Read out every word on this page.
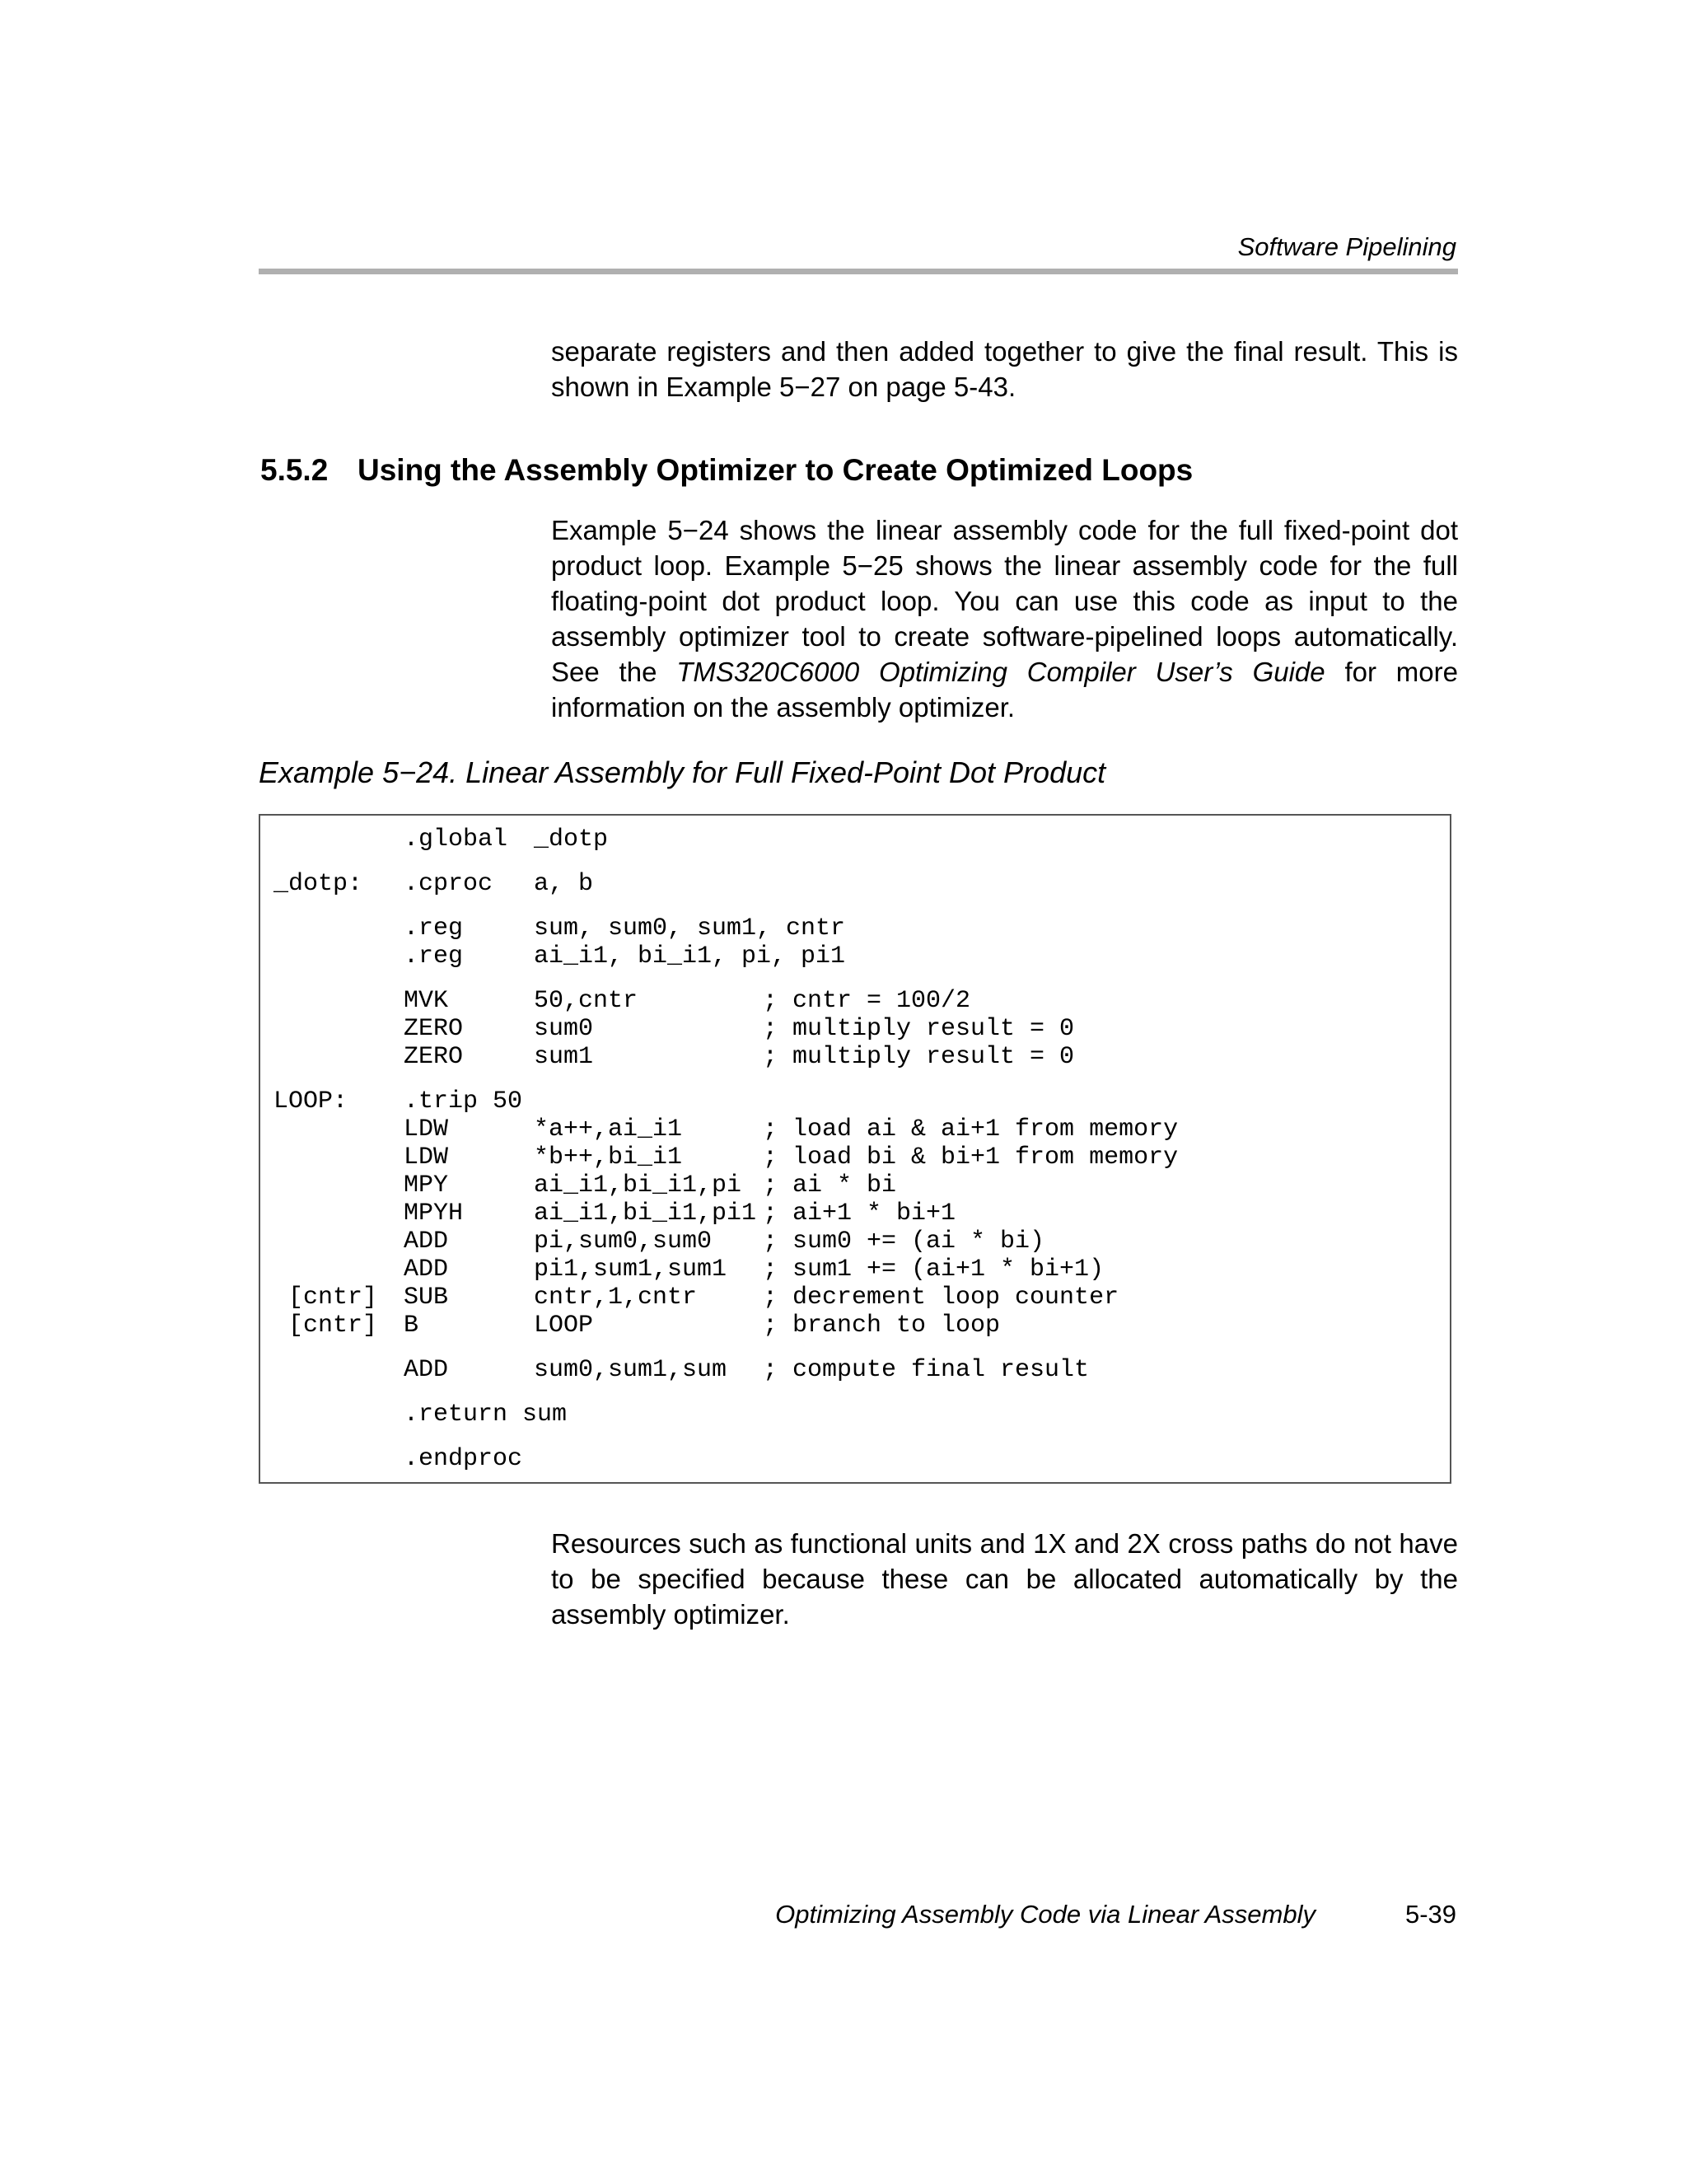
Software Pipelining

separate registers and then added together to give the final result. This is shown in Example 5−27 on page 5-43.

5.5.2 Using the Assembly Optimizer to Create Optimized Loops

Example 5−24 shows the linear assembly code for the full fixed-point dot product loop. Example 5−25 shows the linear assembly code for the full floating-point dot product loop. You can use this code as input to the assembly optimizer tool to create software-pipelined loops automatically. See the TMS320C6000 Optimizing Compiler User’s Guide for more information on the assembly optimizer.

Example 5−24. Linear Assembly for Full Fixed-Point Dot Product
.global _dotp
_dotp: .cproc a, b
.reg	sum, sum0, sum1, cntr
.reg	ai_i1, bi_i1, pi, pi1
MVK	50,cntr	; cntr = 100/2
ZERO	sum0	; multiply result = 0
ZERO	sum1	; multiply result = 0
LOOP: .trip 50
LDW	*a++,ai_i1	; load ai & ai+1 from memory
LDW	*b++,bi_i1	; load bi & bi+1 from memory
MPY	ai_i1,bi_i1,pi ; ai * bi
MPYH	ai_i1,bi_i1,pi1 ; ai+1 * bi+1
ADD	pi,sum0,sum0 ; sum0 += (ai * bi)
ADD	pi1,sum1,sum1 ; sum1 += (ai+1 * bi+1)
[cntr] SUB	cntr,1,cntr	; decrement loop counter
[cntr] B	LOOP	; branch to loop
ADD	sum0,sum1,sum ; compute final result
.return sum
.endproc

Resources such as functional units and 1X and 2X cross paths do not have to be specified because these can be allocated automatically by the assembly optimizer.

Optimizing Assembly Code via Linear Assembly	5-39
